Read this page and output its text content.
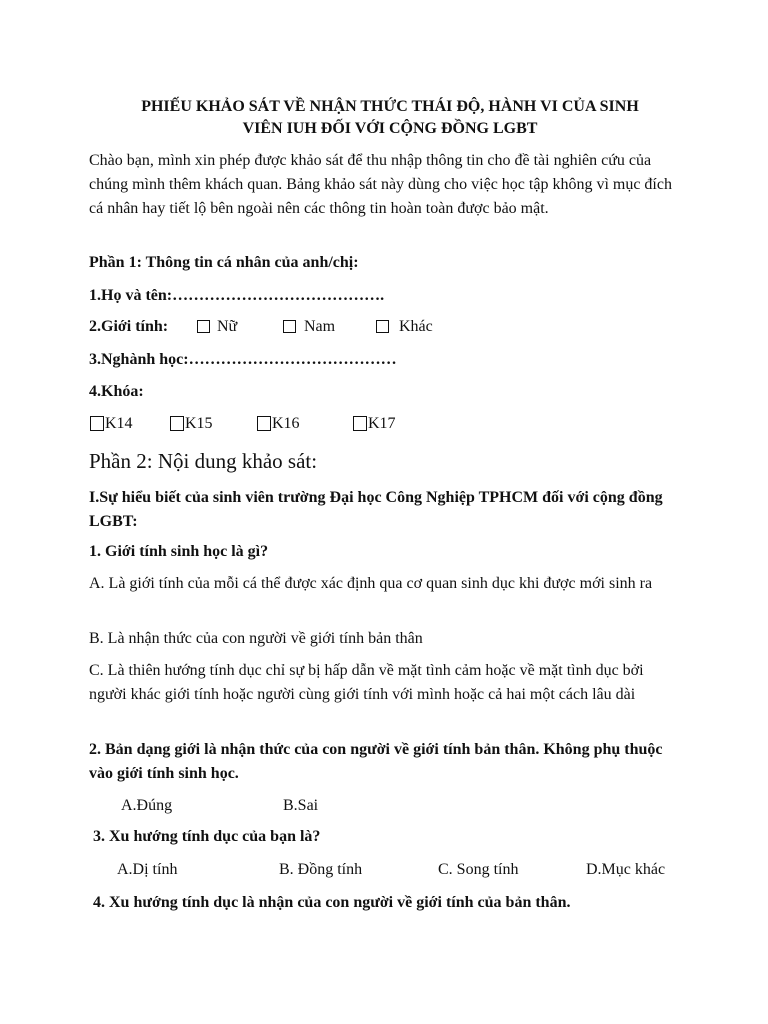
PHIẾU KHẢO SÁT VỀ NHẬN THỨC THÁI ĐỘ, HÀNH VI CỦA SINH
VIÊN IUH ĐỐI VỚI CỘNG ĐỒNG LGBT
Chào bạn, mình xin phép được khảo sát để thu nhập thông tin cho đề tài nghiên cứu của chúng mình thêm khách quan. Bảng khảo sát này dùng cho việc học tập không vì mục đích cá nhân hay tiết lộ bên ngoài nên các thông tin hoàn toàn được bảo mật.
Phần 1: Thông tin cá nhân của anh/chị:
1.Họ và tên:………………………………….
2.Giới tính:	Nữ	Nam	Khác
3.Nghành học:…………………………………
4.Khóa:
K14	K15	K16	K17
Phần 2: Nội dung khảo sát:
I.Sự hiểu biết của sinh viên trường Đại học Công Nghiệp TPHCM đối với cộng đồng LGBT:
1. Giới tính sinh học là gì?
A. Là giới tính của mỗi cá thể được xác định qua cơ quan sinh dục khi được mới sinh ra
B. Là nhận thức của con người về giới tính bản thân
C. Là thiên hướng tính dục chỉ sự bị hấp dẫn về mặt tình cảm hoặc về mặt tình dục bởi người khác giới tính hoặc người cùng giới tính với mình hoặc cả hai một cách lâu dài
2. Bản dạng giới là nhận thức của con người về giới tính bản thân. Không phụ thuộc vào giới tính sinh học.
A.Đúng	B.Sai
3. Xu hướng tính dục của bạn là?
A.Dị tính	B. Đồng tính	C. Song tính	D.Mục khác
4. Xu hướng tính dục là nhận của con người về giới tính của bản thân.
